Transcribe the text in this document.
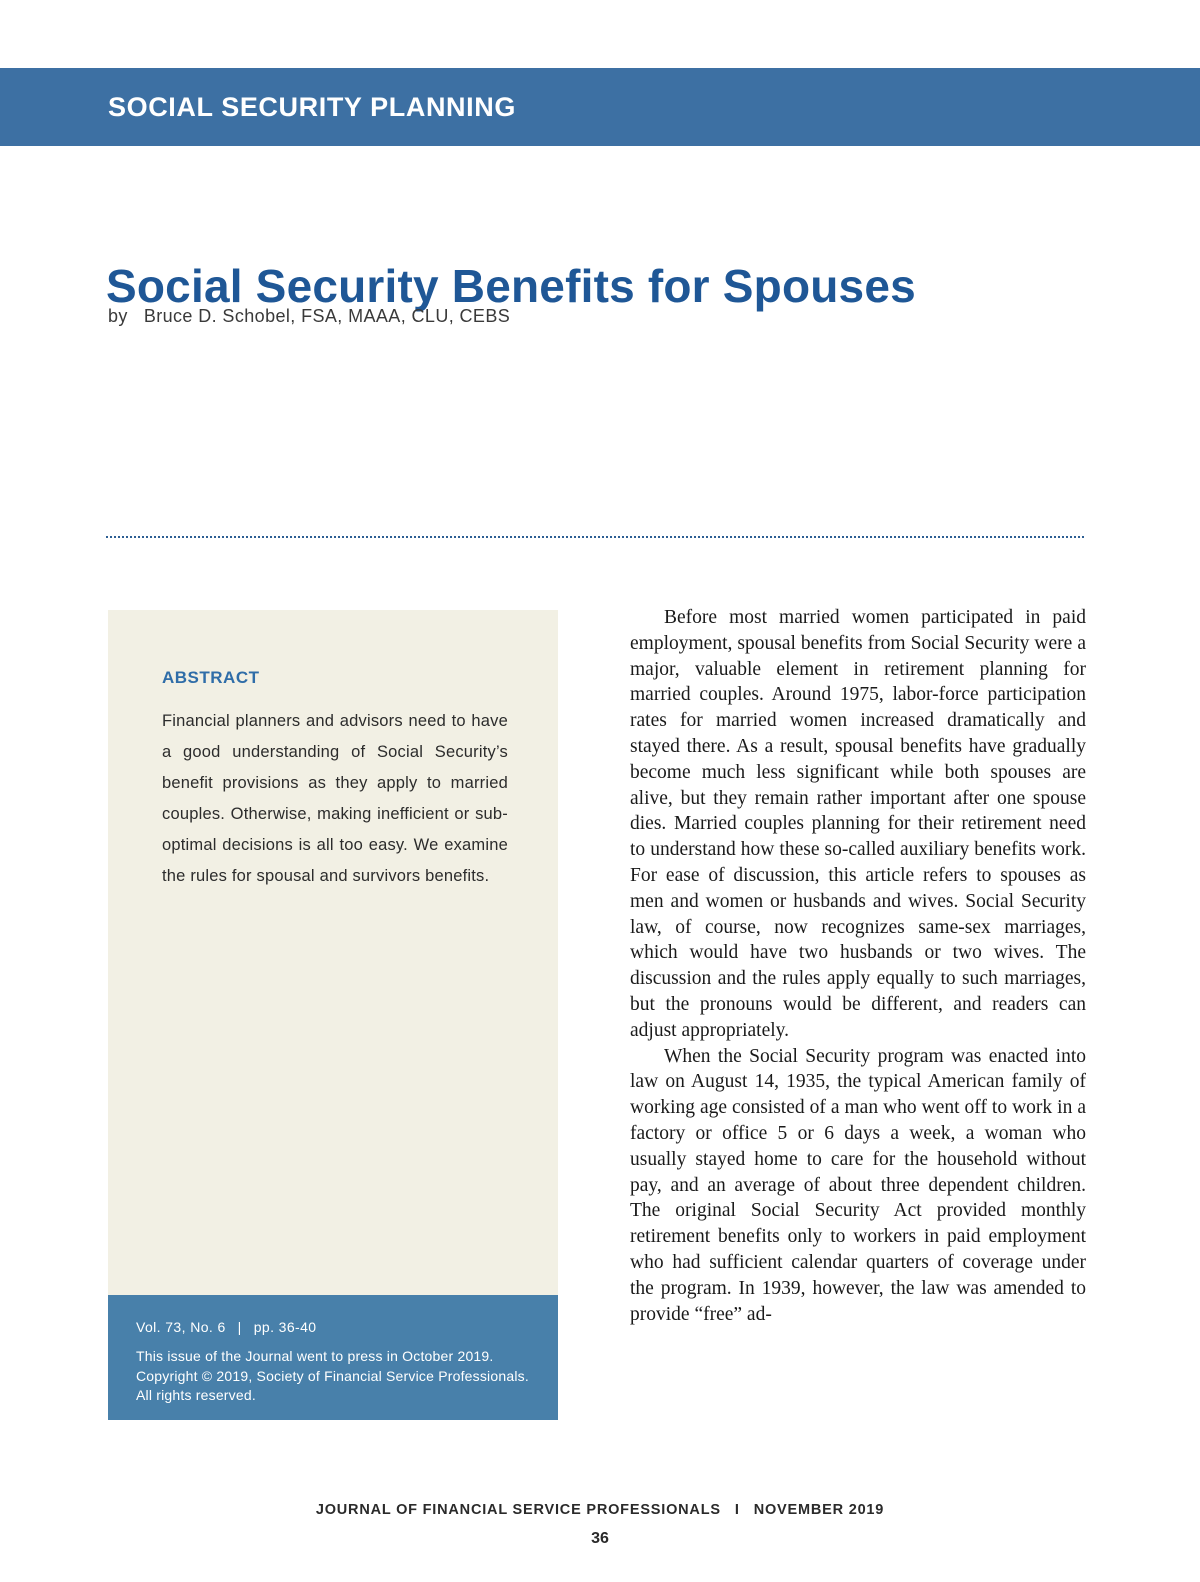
SOCIAL SECURITY PLANNING
Social Security Benefits for Spouses
by Bruce D. Schobel, FSA, MAAA, CLU, CEBS
ABSTRACT
Financial planners and advisors need to have a good understanding of Social Security’s benefit provisions as they apply to married couples. Otherwise, making inefficient or sub-optimal decisions is all too easy. We examine the rules for spousal and survivors benefits.
Vol. 73, No. 6 | pp. 36-40
This issue of the Journal went to press in October 2019. Copyright © 2019, Society of Financial Service Professionals. All rights reserved.

Before most married women participated in paid employment, spousal benefits from Social Security were a major, valuable element in retirement planning for married couples. Around 1975, labor-force participation rates for married women increased dramatically and stayed there. As a result, spousal benefits have gradually become much less significant while both spouses are alive, but they remain rather important after one spouse dies. Married couples planning for their retirement need to understand how these so-called auxiliary benefits work. For ease of discussion, this article refers to spouses as men and women or husbands and wives. Social Security law, of course, now recognizes same-sex marriages, which would have two husbands or two wives. The discussion and the rules apply equally to such marriages, but the pronouns would be different, and readers can adjust appropriately.

When the Social Security program was enacted into law on August 14, 1935, the typical American family of working age consisted of a man who went off to work in a factory or office 5 or 6 days a week, a woman who usually stayed home to care for the household without pay, and an average of about three dependent children. The original Social Security Act provided monthly retirement benefits only to workers in paid employment who had sufficient calendar quarters of coverage under the program. In 1939, however, the law was amended to provide “free” ad-

JOURNAL OF FINANCIAL SERVICE PROFESSIONALS I NOVEMBER 2019
36
